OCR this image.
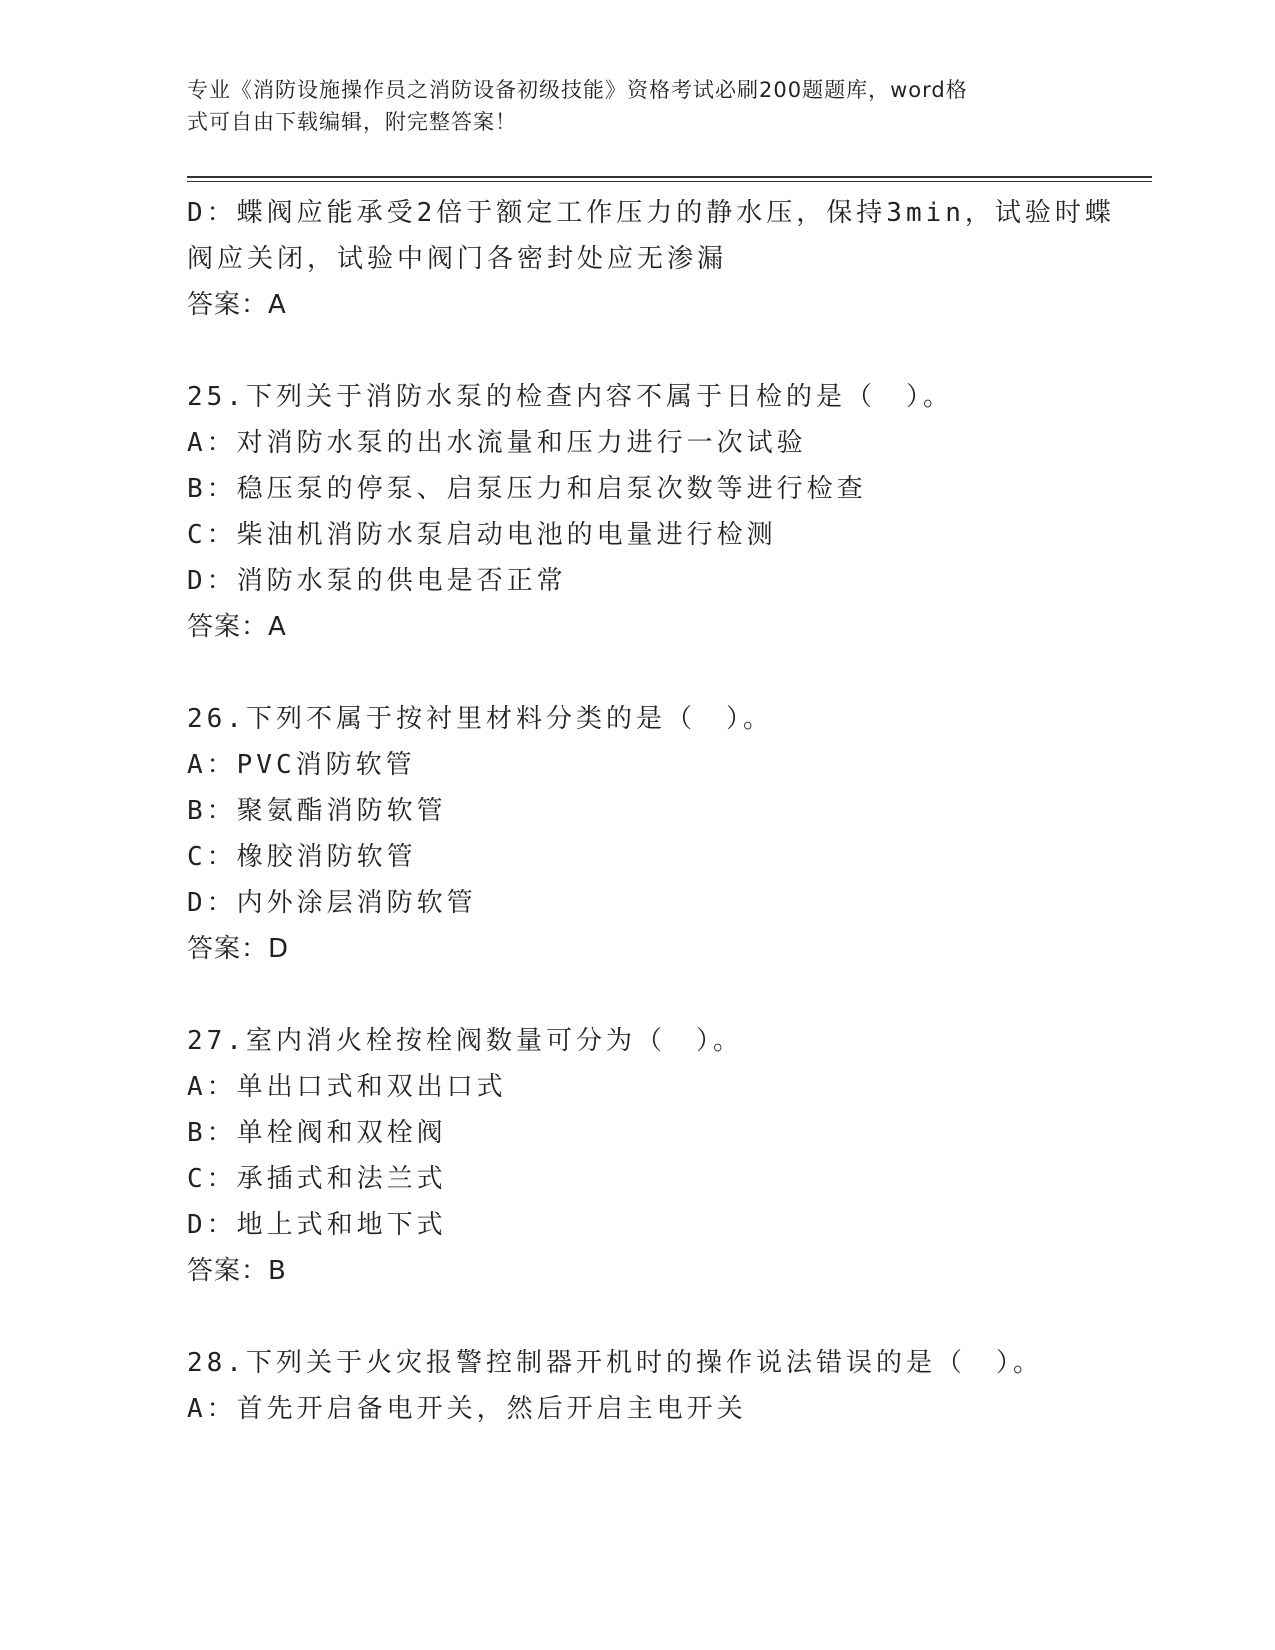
专业《消防设施操作员之消防设备初级技能》资格考试必刷200题题库，word格
式可自由下载编辑，附完整答案！
D：蝶阀应能承受2倍于额定工作压力的静水压，保持3min，试验时蝶
阀应关闭，试验中阀门各密封处应无渗漏
答案：A
25.下列关于消防水泵的检查内容不属于日检的是（　）。
A：对消防水泵的出水流量和压力进行一次试验
B：稳压泵的停泵、启泵压力和启泵次数等进行检查
C：柴油机消防水泵启动电池的电量进行检测
D：消防水泵的供电是否正常
答案：A
26.下列不属于按衬里材料分类的是（　）。
A：PVC消防软管
B：聚氨酯消防软管
C：橡胶消防软管
D：内外涂层消防软管
答案：D
27.室内消火栓按栓阀数量可分为（　）。
A：单出口式和双出口式
B：单栓阀和双栓阀
C：承插式和法兰式
D：地上式和地下式
答案：B
28.下列关于火灾报警控制器开机时的操作说法错误的是（　）。
A：首先开启备电开关，然后开启主电开关
